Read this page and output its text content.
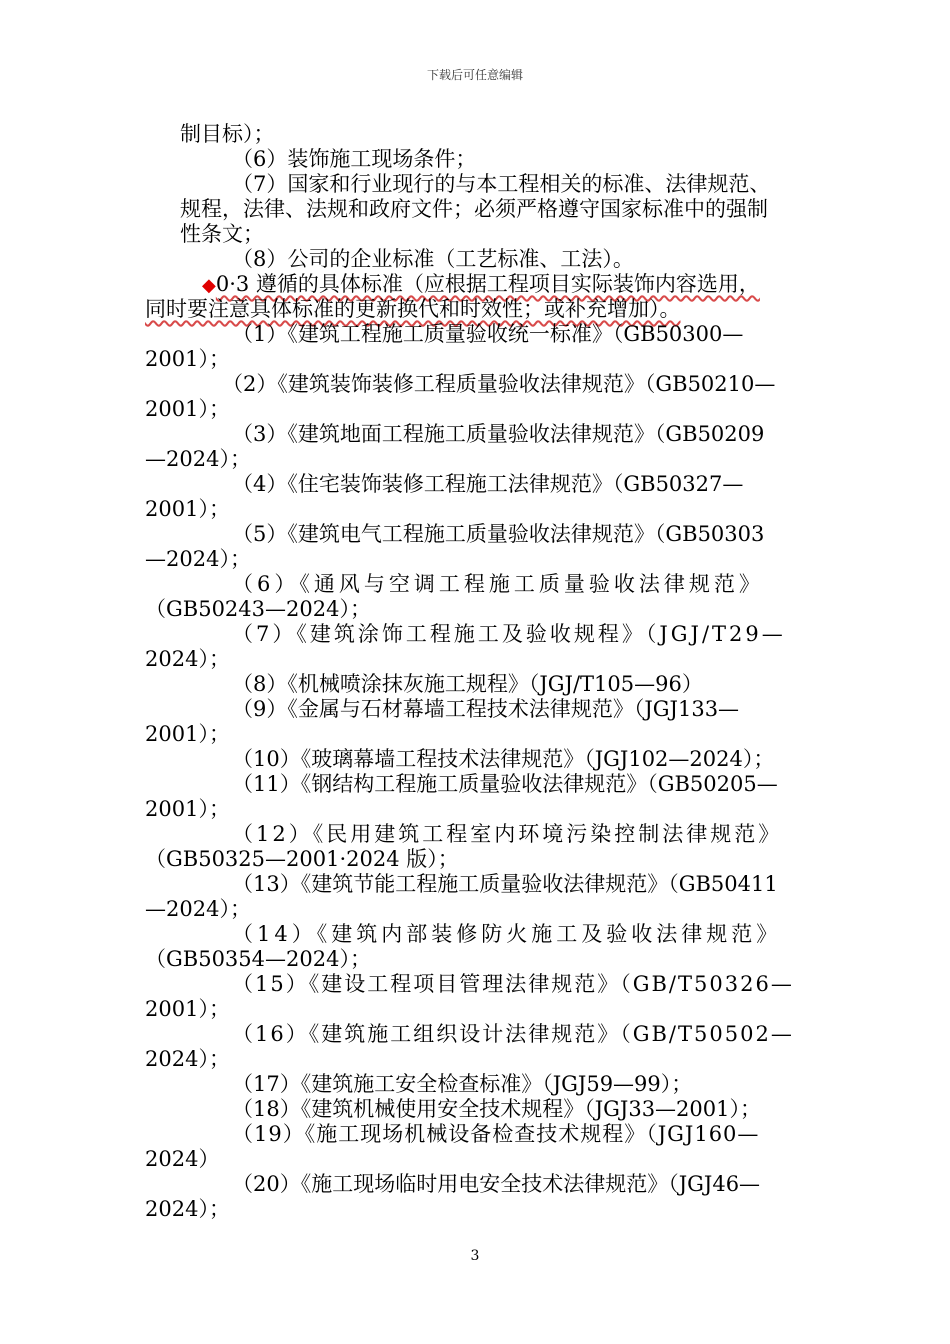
下载后可任意编辑
制目标）；
（6）装饰施工现场条件；
（7）国家和行业现行的与本工程相关的标准、法律规范、
规程，法律、法规和政府文件；必须严格遵守国家标准中的强制
性条文；
（8）公司的企业标准（工艺标准、工法）。
◆0·3 遵循的具体标准（应根据工程项目实际装饰内容选用，
同时要注意具体标准的更新换代和时效性；或补充增加）。
（1）《建筑工程施工质量验收统一标准》（GB50300—
2001）；
（2）《建筑装饰装修工程质量验收法律规范》（GB50210—
2001）；
（3）《建筑地面工程施工质量验收法律规范》（GB50209
—2024）；
（4）《住宅装饰装修工程施工法律规范》（GB50327—
2001）；
（5）《建筑电气工程施工质量验收法律规范》（GB50303
—2024）；
（6）《通风与空调工程施工质量验收法律规范》
（GB50243—2024）；
（7）《建筑涂饰工程施工及验收规程》（JGJ/T29—
2024）；
（8）《机械喷涂抹灰施工规程》（JGJ/T105—96）
（9）《金属与石材幕墙工程技术法律规范》（JGJ133—
2001）；
（10）《玻璃幕墙工程技术法律规范》（JGJ102—2024）；
（11）《钢结构工程施工质量验收法律规范》（GB50205—
2001）；
（12）《民用建筑工程室内环境污染控制法律规范》
（GB50325—2001·2024 版）；
（13）《建筑节能工程施工质量验收法律规范》（GB50411
—2024）；
（14）《建筑内部装修防火施工及验收法律规范》
（GB50354—2024）；
（15）《建设工程项目管理法律规范》（GB/T50326—
2001）；
（16）《建筑施工组织设计法律规范》（GB/T50502—
2024）；
（17）《建筑施工安全检查标准》（JGJ59—99）；
（18）《建筑机械使用安全技术规程》（JGJ33—2001）；
（19）《施工现场机械设备检查技术规程》（JGJ160—
2024）
（20）《施工现场临时用电安全技术法律规范》（JGJ46—
2024）；
3
